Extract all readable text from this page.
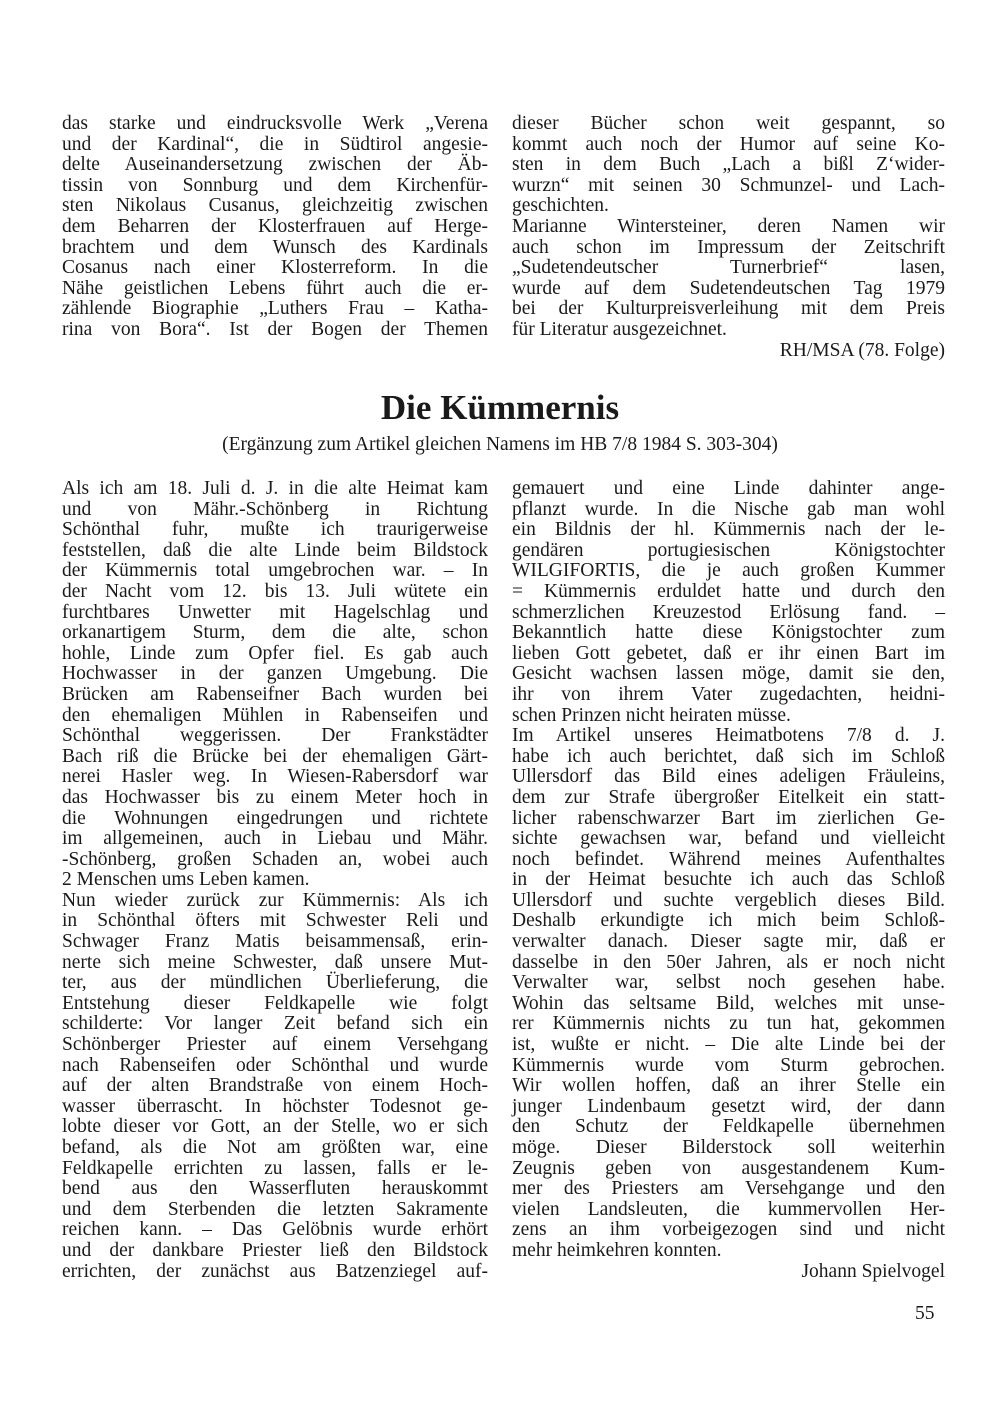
das starke und eindrucksvolle Werk „Verena
und der Kardinal“, die in Südtirol angesie-
delte Auseinandersetzung zwischen der Äb-
tissin von Sonnburg und dem Kirchenfür-
sten Nikolaus Cusanus, gleichzeitig zwischen
dem Beharren der Klosterfrauen auf Herge-
brachtem und dem Wunsch des Kardinals
Cosanus nach einer Klosterreform. In die
Nähe geistlichen Lebens führt auch die er-
zählende Biographie „Luthers Frau – Katha-
rina von Bora“. Ist der Bogen der Themen
dieser Bücher schon weit gespannt, so
kommt auch noch der Humor auf seine Ko-
sten in dem Buch „Lach a bißl Z‘wider-
wurzn“ mit seinen 30 Schmunzel- und Lach-
geschichten.
Marianne Wintersteiner, deren Namen wir
auch schon im Impressum der Zeitschrift
„Sudetendeutscher Turnerbrief“ lasen,
wurde auf dem Sudetendeutschen Tag 1979
bei der Kulturpreisverleihung mit dem Preis
für Literatur ausgezeichnet.
RH/MSA (78. Folge)
Die Kümmernis
(Ergänzung zum Artikel gleichen Namens im HB 7/8 1984 S. 303-304)
Als ich am 18. Juli d. J. in die alte Heimat kam
und von Mähr.-Schönberg in Richtung
Schönthal fuhr, mußte ich traurigerweise
feststellen, daß die alte Linde beim Bildstock
der Kümmernis total umgebrochen war. – In
der Nacht vom 12. bis 13. Juli wütete ein
furchtbares Unwetter mit Hagelschlag und
orkanartigem Sturm, dem die alte, schon
hohle, Linde zum Opfer fiel. Es gab auch
Hochwasser in der ganzen Umgebung. Die
Brücken am Rabenseifner Bach wurden bei
den ehemaligen Mühlen in Rabenseifen und
Schönthal weggerissen. Der Frankstädter
Bach riß die Brücke bei der ehemaligen Gärt-
nerei Hasler weg. In Wiesen-Rabersdorf war
das Hochwasser bis zu einem Meter hoch in
die Wohnungen eingedrungen und richtete
im allgemeinen, auch in Liebau und Mähr.
-Schönberg, großen Schaden an, wobei auch
2 Menschen ums Leben kamen.
Nun wieder zurück zur Kümmernis: Als ich
in Schönthal öfters mit Schwester Reli und
Schwager Franz Matis beisammensaß, erin-
nerte sich meine Schwester, daß unsere Mut-
ter, aus der mündlichen Überlieferung, die
Entstehung dieser Feldkapelle wie folgt
schilderte: Vor langer Zeit befand sich ein
Schönberger Priester auf einem Versehgang
nach Rabenseifen oder Schönthal und wurde
auf der alten Brandstraße von einem Hoch-
wasser überrascht. In höchster Todesnot ge-
lobte dieser vor Gott, an der Stelle, wo er sich
befand, als die Not am größten war, eine
Feldkapelle errichten zu lassen, falls er le-
bend aus den Wasserfluten herauskommt
und dem Sterbenden die letzten Sakramente
reichen kann. – Das Gelöbnis wurde erhört
und der dankbare Priester ließ den Bildstock
errichten, der zunächst aus Batzenziegel auf-
gemauert und eine Linde dahinter ange-
pflanzt wurde. In die Nische gab man wohl
ein Bildnis der hl. Kümmernis nach der le-
gendären portugiesischen Königstochter
WILGIFORTIS, die je auch großen Kummer
= Kümmernis erduldet hatte und durch den
schmerzlichen Kreuzestod Erlösung fand. –
Bekanntlich hatte diese Königstochter zum
lieben Gott gebetet, daß er ihr einen Bart im
Gesicht wachsen lassen möge, damit sie den,
ihr von ihrem Vater zugedachten, heidni-
schen Prinzen nicht heiraten müsse.
Im Artikel unseres Heimatbotens 7/8 d. J.
habe ich auch berichtet, daß sich im Schloß
Ullersdorf das Bild eines adeligen Fräuleins,
dem zur Strafe übergroßer Eitelkeit ein statt-
licher rabenschwarzer Bart im zierlichen Ge-
sichte gewachsen war, befand und vielleicht
noch befindet. Während meines Aufenthaltes
in der Heimat besuchte ich auch das Schloß
Ullersdorf und suchte vergeblich dieses Bild.
Deshalb erkundigte ich mich beim Schloß-
verwalter danach. Dieser sagte mir, daß er
dasselbe in den 50er Jahren, als er noch nicht
Verwalter war, selbst noch gesehen habe.
Wohin das seltsame Bild, welches mit unse-
rer Kümmernis nichts zu tun hat, gekommen
ist, wußte er nicht. – Die alte Linde bei der
Kümmernis wurde vom Sturm gebrochen.
Wir wollen hoffen, daß an ihrer Stelle ein
junger Lindenbaum gesetzt wird, der dann
den Schutz der Feldkapelle übernehmen
möge. Dieser Bilderstock soll weiterhin
Zeugnis geben von ausgestandenem Kum-
mer des Priesters am Versehgange und den
vielen Landsleuten, die kummervollen Her-
zens an ihm vorbeigezogen sind und nicht
mehr heimkehren konnten.
Johann Spielvogel
55
